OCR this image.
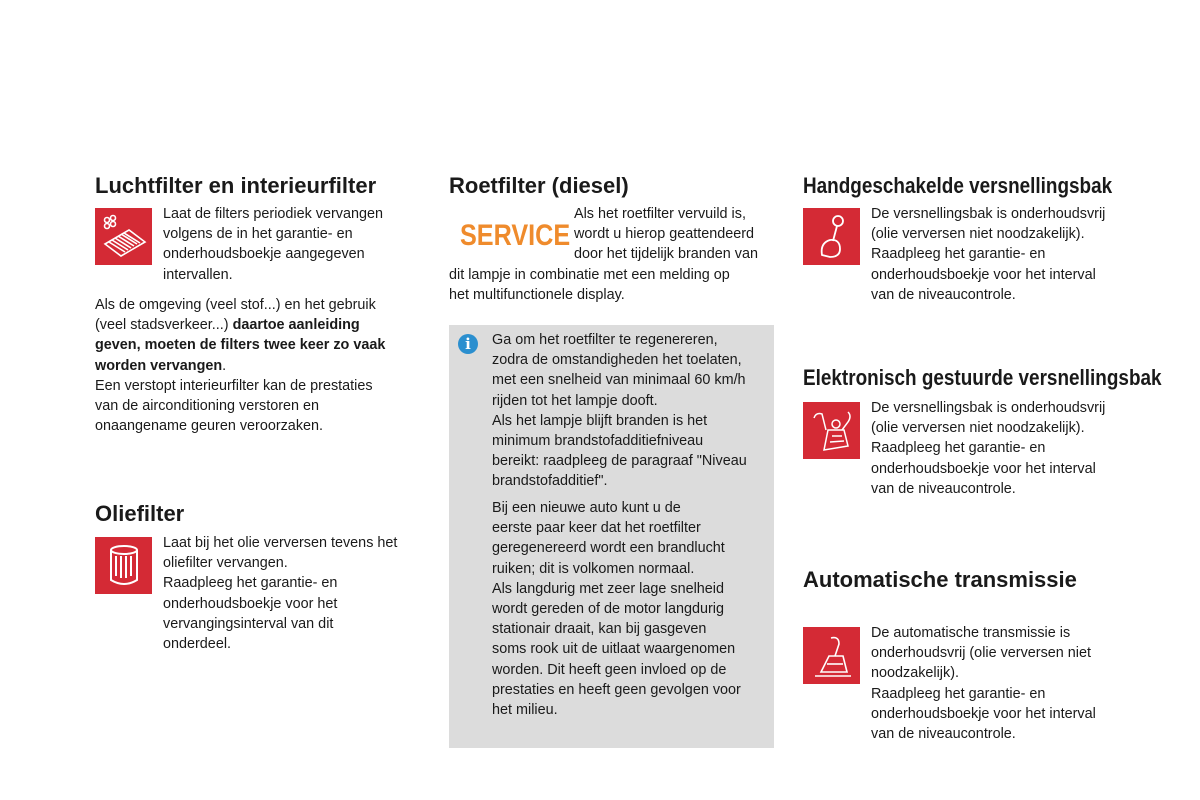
Luchtfilter en interieurfilter

Laat de filters periodiek vervangen
volgens de in het garantie- en
onderhoudsboekje aangegeven
intervallen.

Als de omgeving (veel stof...) en het gebruik
(veel stadsverkeer...) daartoe aanleiding
geven, moeten de filters twee keer zo vaak
worden vervangen.

Een verstopt interieurfilter kan de prestaties
van de airconditioning verstoren en
onaangename geuren veroorzaken.

Oliefilter

Laat bij het olie verversen tevens het
oliefilter vervangen.
Raadpleeg het garantie- en
onderhoudsboekje voor het
vervangingsinterval van dit
onderdeel.

Roetfilter (diesel)
SERVICE

Als het roetfilter vervuild is,
wordt u hierop geattendeerd
door het tijdelijk branden van

dit lampje in combinatie met een melding op
het multifunctionele display.

i	Ga om het roetfilter te regenereren,
zodra de omstandigheden het toelaten,
met een snelheid van minimaal 60 km/h
rijden tot het lampje dooft.
Als het lampje blijft branden is het
minimum brandstofadditiefniveau
bereikt: raadpleeg de paragraaf "Niveau
brandstofadditief".

Bij een nieuwe auto kunt u de
eerste paar keer dat het roetfilter
geregenereerd wordt een brandlucht
ruiken; dit is volkomen normaal.
Als langdurig met zeer lage snelheid
wordt gereden of de motor langdurig
stationair draait, kan bij gasgeven
soms rook uit de uitlaat waargenomen
worden. Dit heeft geen invloed op de
prestaties en heeft geen gevolgen voor
het milieu.

Handgeschakelde versnellingsbak

De versnellingsbak is onderhoudsvrij
(olie verversen niet noodzakelijk).
Raadpleeg het garantie- en
onderhoudsboekje voor het interval
van de niveaucontrole.

Elektronisch gestuurde versnellingsbak

De versnellingsbak is onderhoudsvrij
(olie verversen niet noodzakelijk).
Raadpleeg het garantie- en
onderhoudsboekje voor het interval
van de niveaucontrole.

Automatische transmissie

De automatische transmissie is
onderhoudsvrij (olie verversen niet
noodzakelijk).
Raadpleeg het garantie- en
onderhoudsboekje voor het interval
van de niveaucontrole.
